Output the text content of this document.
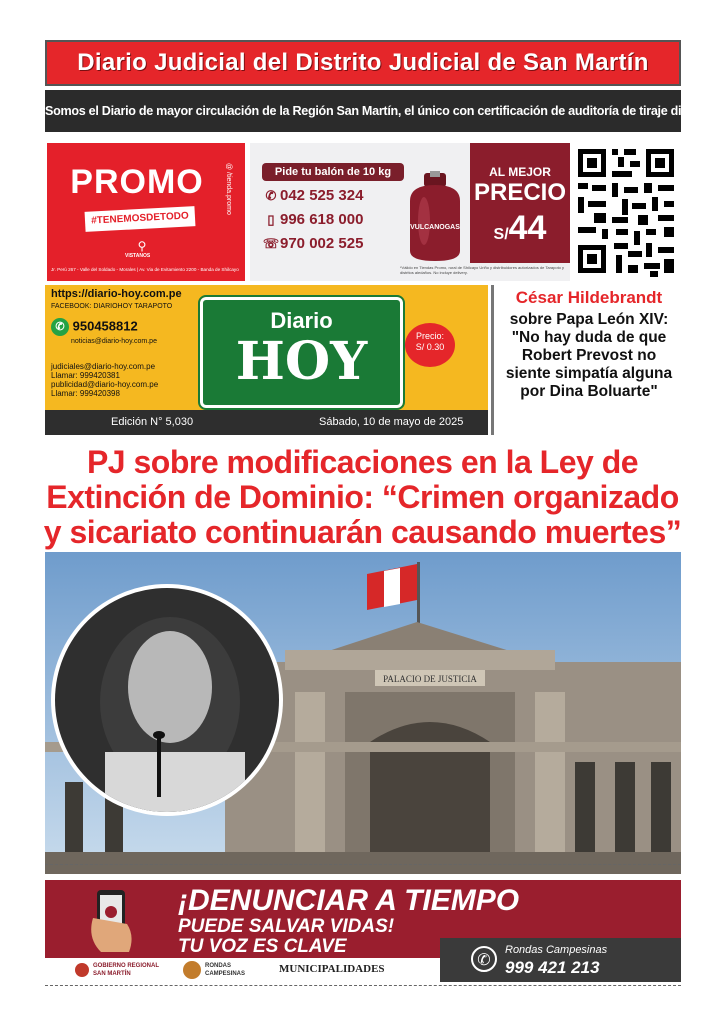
Diario Judicial del Distrito Judicial de San Martín
Somos el Diario de mayor circulación de la Región San Martín, el único con certificación de auditoría de tiraje diario
PROMO
#TENEMOSDETODO
⚲
VISTANOS
Jr. Perú 267 - Valle del Soldado - Morales | Av. Via de Evitamiento 2200 - Banda de Shilcayo
@ /tienda.promo	Pide tu balón de 10 kg
✆ 042 525 324
▯ 996 618 000
☏970 002 525
VULCANOGAS
AL MEJOR
PRECIO
S/44
*Válido en Tiendas Promo, rural de Shilcayo Uriño y distribuidores autorizados de Tarapoto y distritos aledaños. No incluye delivery.
https://diario-hoy.com.pe
FACEBOOK: DIARIOHOY TARAPOTO
✆ 950458812
noticias@diario-hoy.com.pe
judiciales@diario-hoy.com.pe
Llamar: 999420381
publicidad@diario-hoy.com.pe
Llamar: 999420398
Diario
HOY	Precio:
S/ 0.30
Edición N° 5,030	Sábado, 10 de mayo de 2025
César Hildebrandt
sobre Papa León XIV: "No hay duda de que Robert Prevost no siente simpatía alguna por Dina Boluarte"
PJ sobre modificaciones en la Ley de Extinción de Dominio: “Crimen organizado y sicariato continuarán causando muertes”
PALACIO DE JUSTICIA
¡DENUNCIAR A TIEMPO
PUEDE SALVAR VIDAS!
TU VOZ ES CLAVE
GOBIERNO REGIONAL SAN MARTÍN
RONDAS CAMPESINAS	MUNICIPALIDADES	✆
Rondas Campesinas
999 421 213
